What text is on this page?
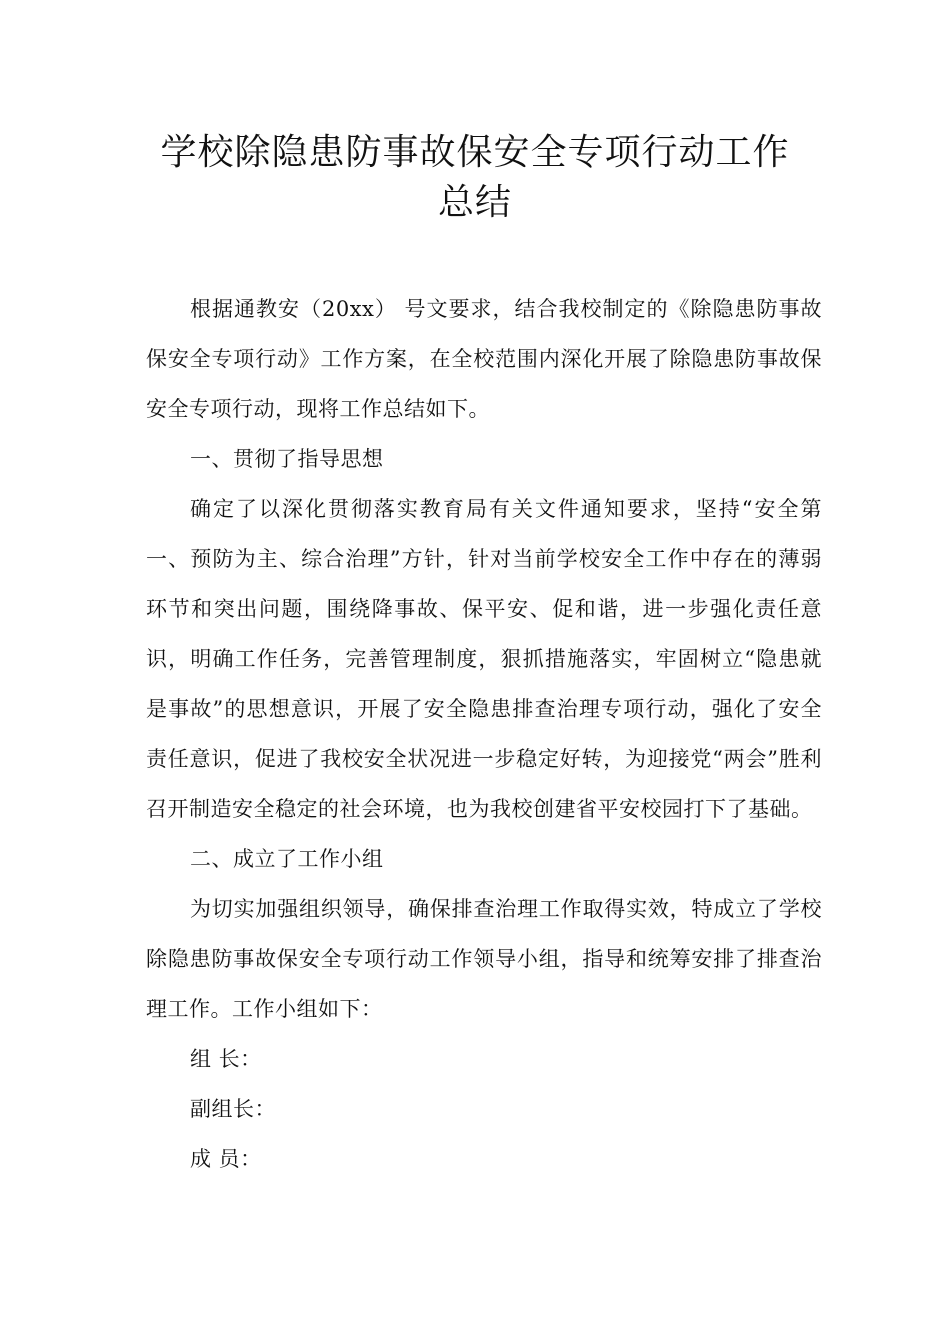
学校除隐患防事故保安全专项行动工作
总结

根据通教安（20xx） 号文要求，结合我校制定的《除隐患防事故保安全专项行动》工作方案，在全校范围内深化开展了除隐患防事故保安全专项行动，现将工作总结如下。

一、贯彻了指导思想

确定了以深化贯彻落实教育局有关文件通知要求，坚持“安全第一、预防为主、综合治理”方针，针对当前学校安全工作中存在的薄弱环节和突出问题，围绕降事故、保平安、促和谐，进一步强化责任意识，明确工作任务，完善管理制度，狠抓措施落实，牢固树立“隐患就是事故”的思想意识，开展了安全隐患排查治理专项行动，强化了安全责任意识，促进了我校安全状况进一步稳定好转，为迎接党“两会”胜利召开制造安全稳定的社会环境，也为我校创建省平安校园打下了基础。

二、成立了工作小组

为切实加强组织领导，确保排查治理工作取得实效，特成立了学校除隐患防事故保安全专项行动工作领导小组，指导和统筹安排了排查治理工作。工作小组如下：

组 长：

副组长：

成 员：
